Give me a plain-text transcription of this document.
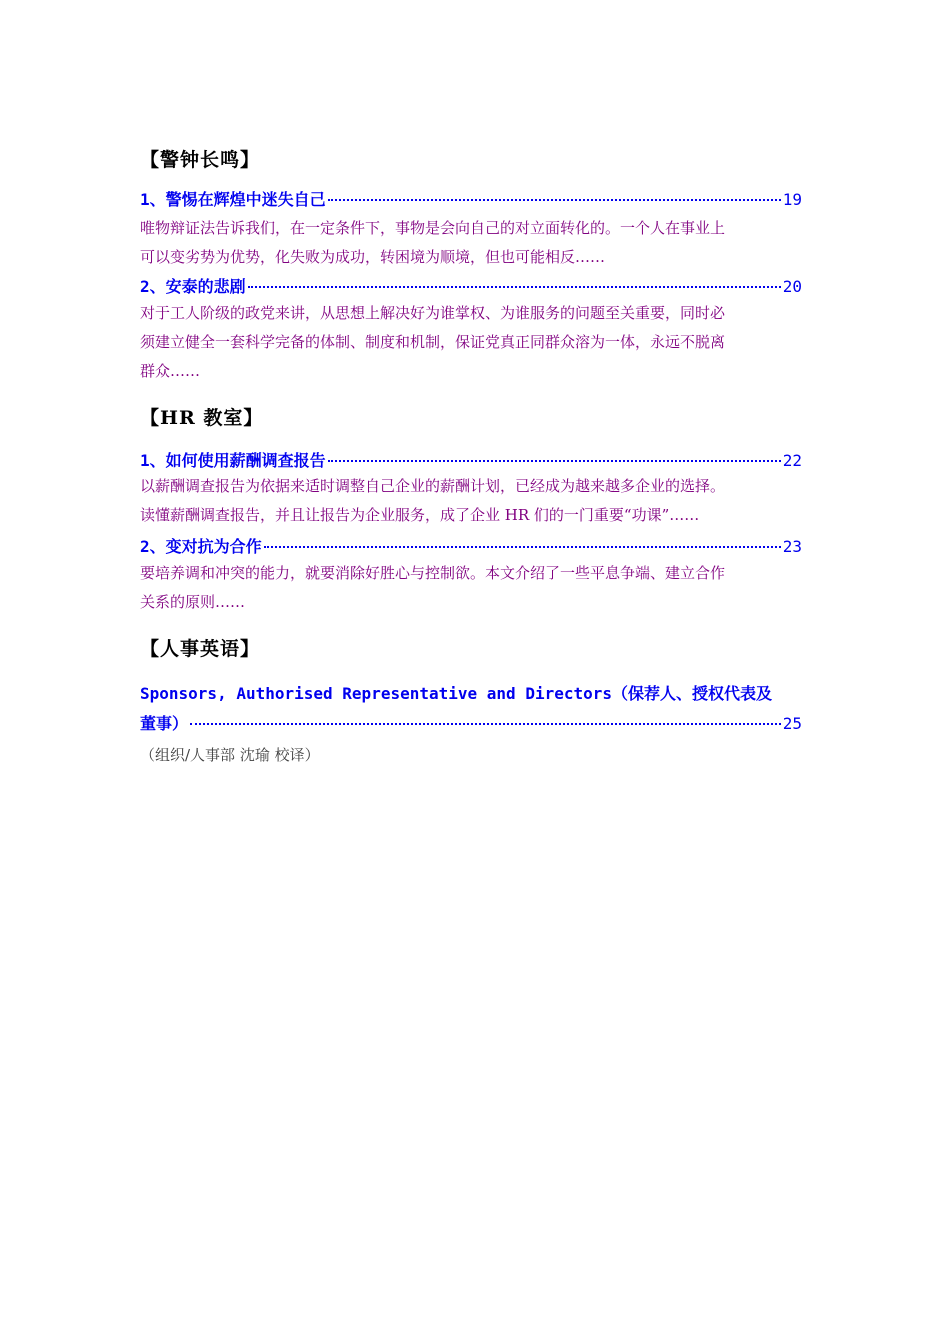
【警钟长鸣】
1、警惕在辉煌中迷失自己	19
唯物辩证法告诉我们，在一定条件下，事物是会向自己的对立面转化的。一个人在事业上
可以变劣势为优势，化失败为成功，转困境为顺境，但也可能相反……
2、安泰的悲剧	20
对于工人阶级的政党来讲，从思想上解决好为谁掌权、为谁服务的问题至关重要，同时必
须建立健全一套科学完备的体制、制度和机制，保证党真正同群众溶为一体，永远不脱离
群众……
【HR 教室】
1、如何使用薪酬调查报告	22
以薪酬调查报告为依据来适时调整自己企业的薪酬计划，已经成为越来越多企业的选择。
读懂薪酬调查报告，并且让报告为企业服务，成了企业 HR 们的一门重要“功课”……
2、变对抗为合作	23
要培养调和冲突的能力，就要消除好胜心与控制欲。本文介绍了一些平息争端、建立合作
关系的原则……
【人事英语】
Sponsors, Authorised Representative and Directors（保荐人、授权代表及
董事）	25
（组织/人事部 沈瑜 校译）
